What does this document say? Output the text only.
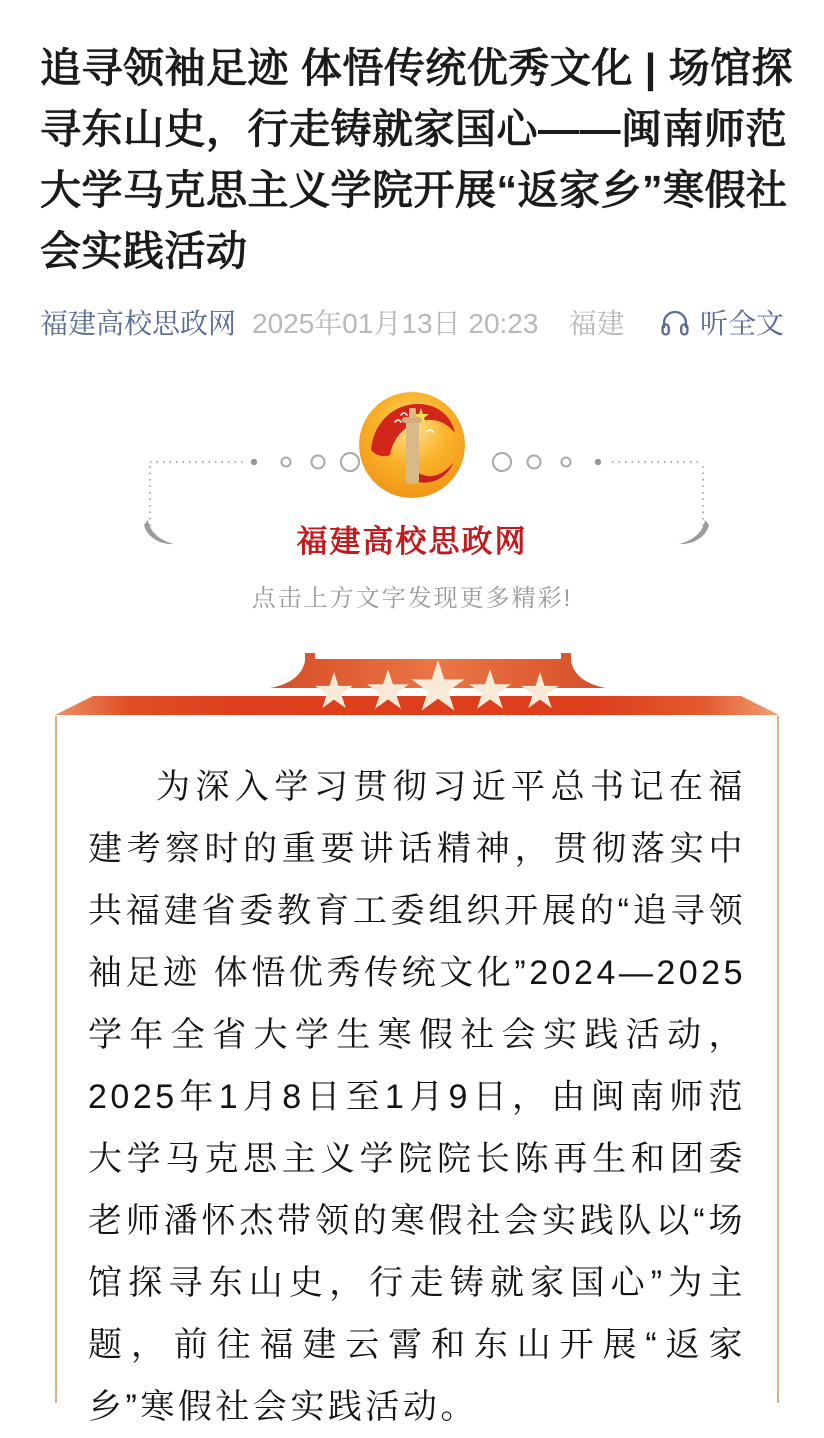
追寻领袖足迹 体悟传统优秀文化 | 场馆探
寻东山史，行走铸就家国心——闽南师范
大学马克思主义学院开展“返家乡”寒假社
会实践活动
福建高校思政网 2025年01月13日 20:23 福建	听全文
福建高校思政网
点击上方文字发现更多精彩!

为深入学习贯彻习近平总书记在福建考察时的重要讲话精神，贯彻落实中共福建省委教育工委组织开展的“追寻领袖足迹 体悟优秀传统文化”2024—2025学年全省大学生寒假社会实践活动，2025年1月8日至1月9日，由闽南师范大学马克思主义学院院长陈再生和团委老师潘怀杰带领的寒假社会实践队以“场馆探寻东山史，行走铸就家国心”为主题，前往福建云霄和东山开展“返家乡”寒假社会实践活动。
